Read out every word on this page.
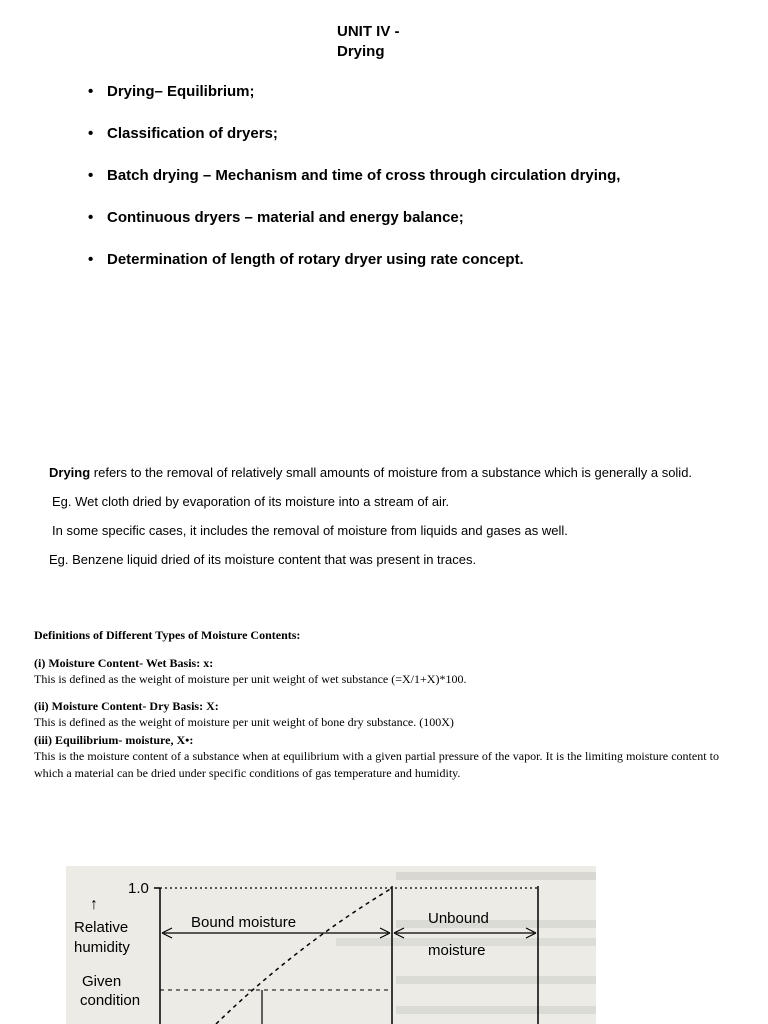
UNIT IV -
Drying
• Drying– Equilibrium;
• Classification of dryers;
• Batch drying – Mechanism and time of cross through circulation drying,
• Continuous dryers – material and energy balance;
• Determination of length of rotary dryer using rate concept.

Drying refers to the removal of relatively small amounts of moisture from a substance which is generally a solid.

Eg. Wet cloth dried by evaporation of its moisture into a stream of air.

In some specific cases, it includes the removal of moisture from liquids and gases as well.

Eg. Benzene liquid dried of its moisture content that was present in traces.

Definitions of Different Types of Moisture Contents:

(i) Moisture Content- Wet Basis: x:

This is defined as the weight of moisture per unit weight of wet substance (=X/1+X)*100.

(ii) Moisture Content- Dry Basis: X:

This is defined as the weight of moisture per unit weight of bone dry substance. (100X)

(iii) Equilibrium- moisture, X•:

This is the moisture content of a substance when at equilibrium with a given partial pressure of the vapor. It is the limiting moisture content to which a material can be dried under specific conditions of gas temperature and humidity.

1.0
↑
Relative
humidity
Given
condition
Bound moisture	Unbound
moisture
